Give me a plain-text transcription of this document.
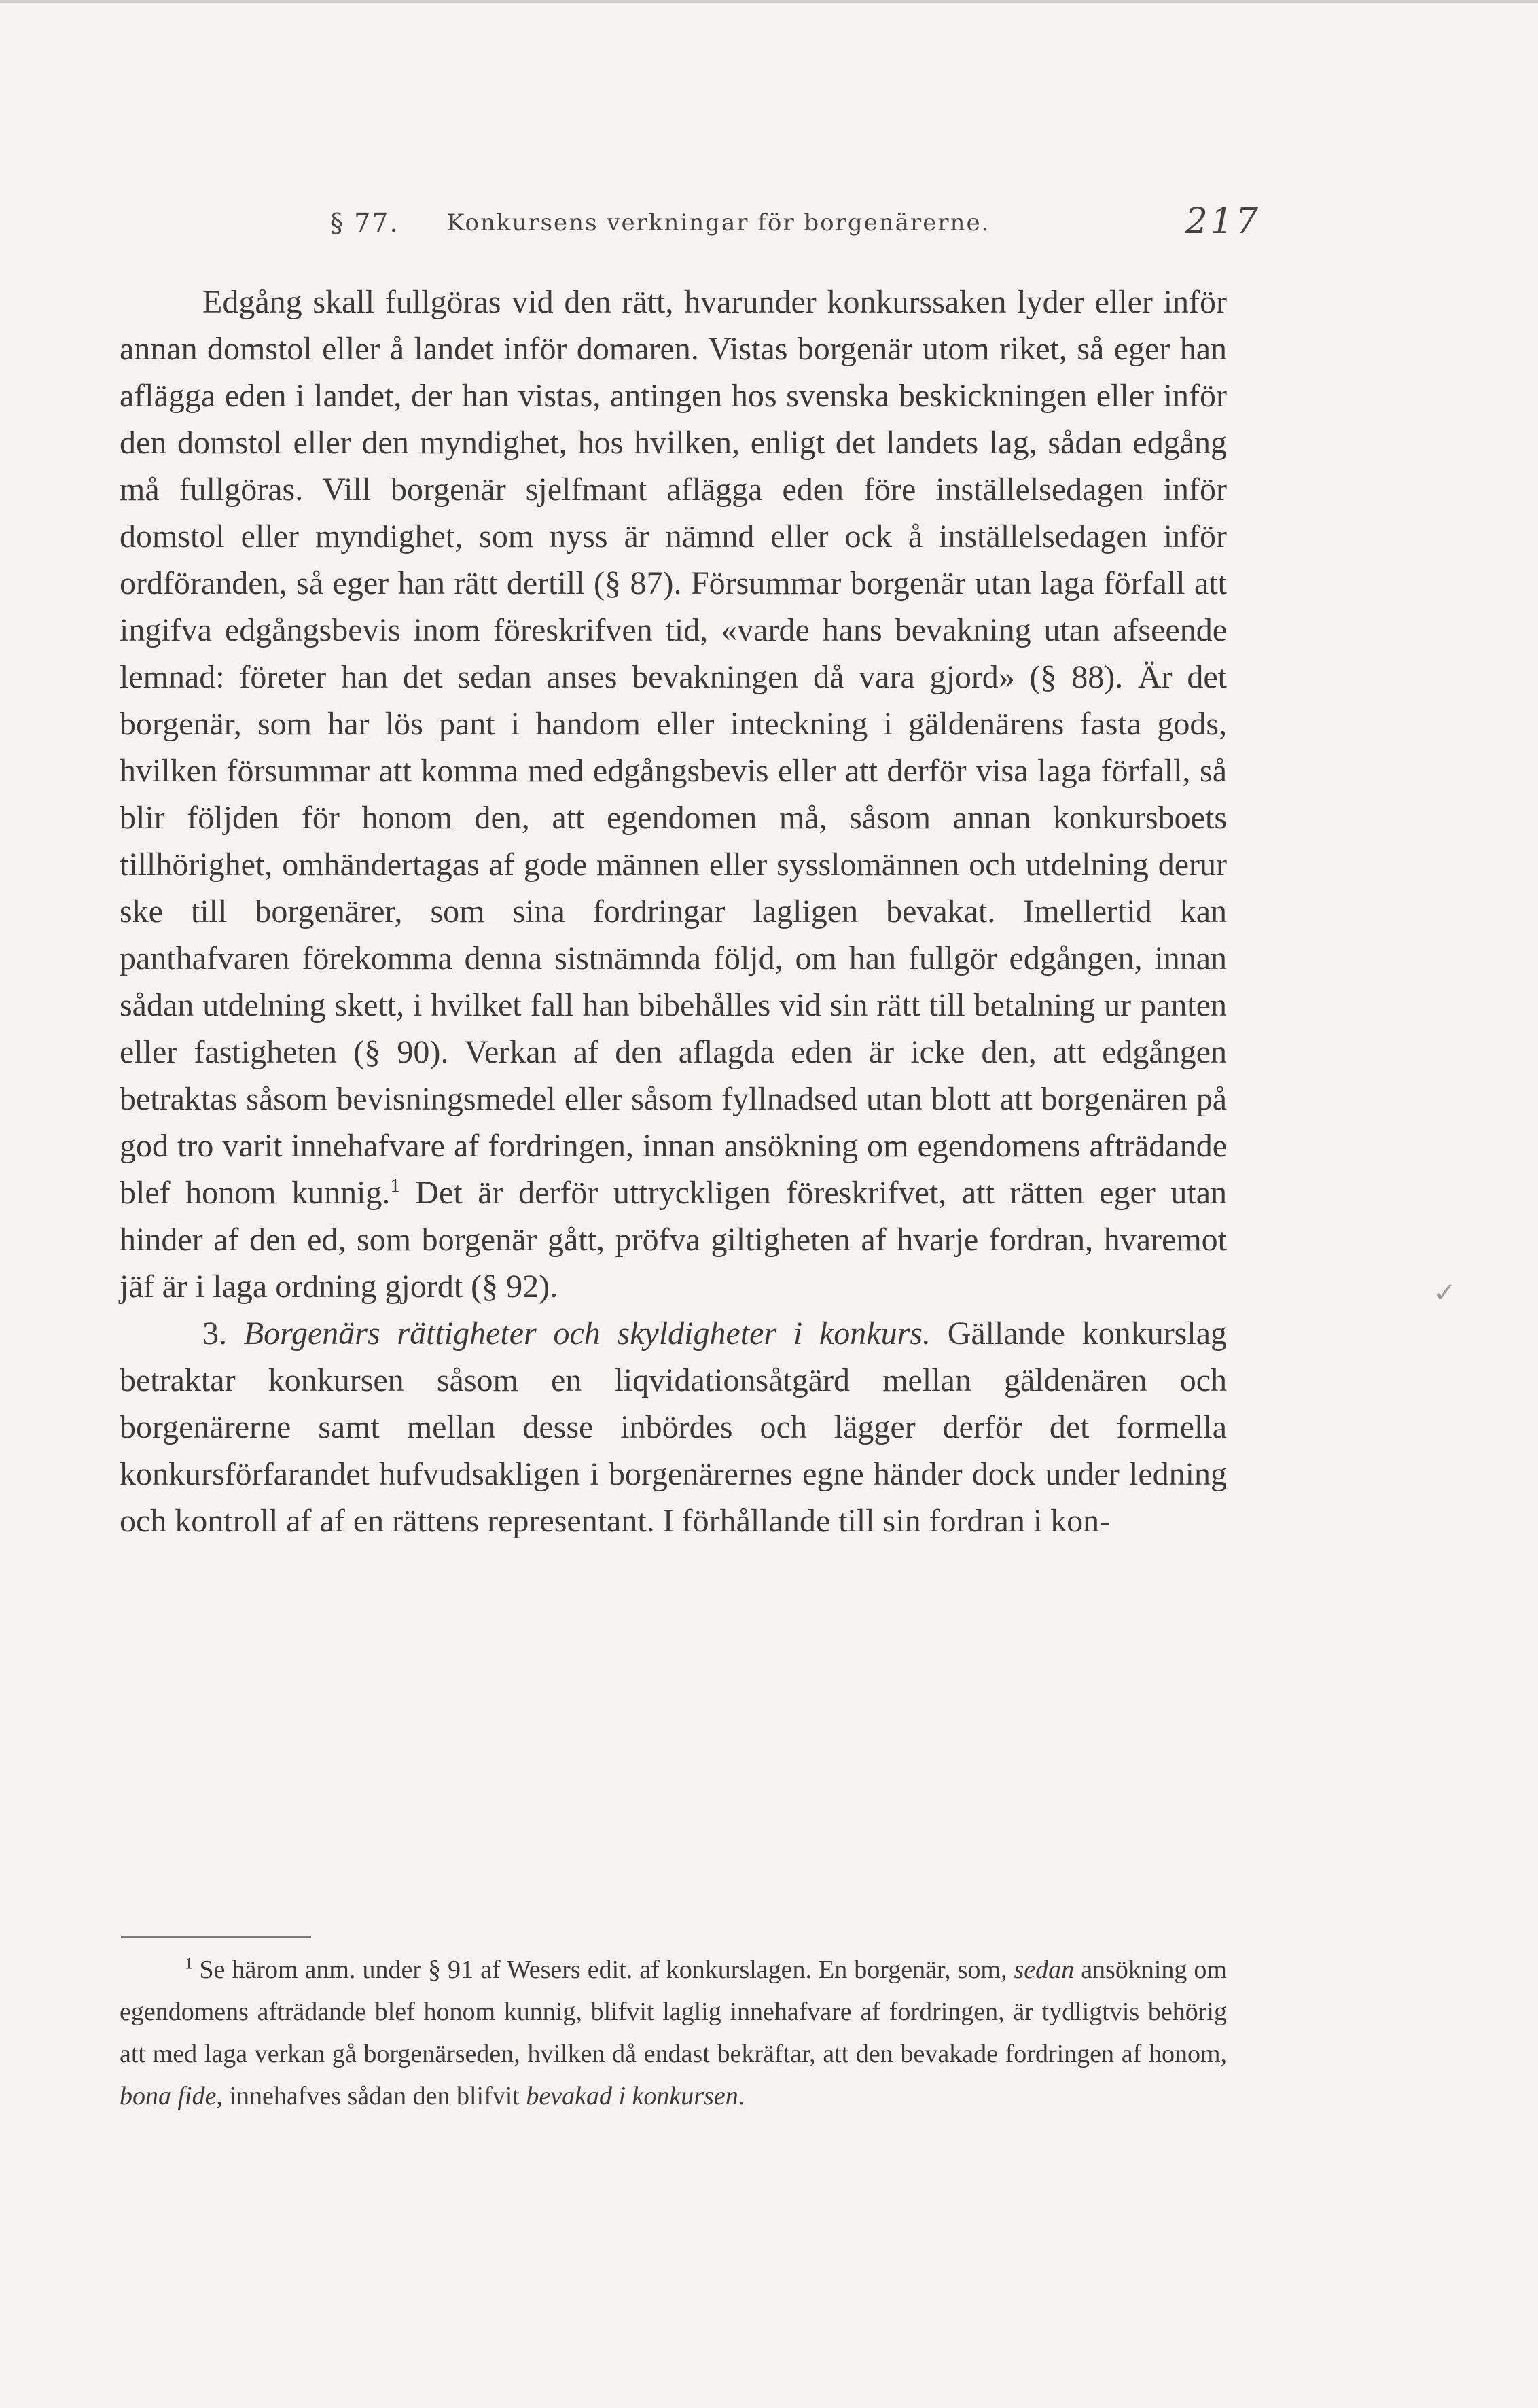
§ 77. Konkursens verkningar för borgenärerne.	217

Edgång skall fullgöras vid den rätt, hvarunder konkurssaken lyder eller inför annan domstol eller å landet inför domaren. Vistas borgenär utom riket, så eger han aflägga eden i landet, der han vistas, antingen hos svenska beskickningen eller inför den domstol eller den myndighet, hos hvilken, enligt det landets lag, sådan edgång må fullgöras. Vill borgenär sjelfmant aflägga eden före inställelsedagen inför domstol eller myndighet, som nyss är nämnd eller ock å inställelsedagen inför ordföranden, så eger han rätt dertill (§ 87). Försummar borgenär utan laga förfall att ingifva edgångsbevis inom föreskrifven tid, «varde hans bevakning utan afseende lemnad: företer han det sedan anses bevakningen då vara gjord» (§ 88). Är det borgenär, som har lös pant i handom eller inteckning i gäldenärens fasta gods, hvilken försummar att komma med edgångsbevis eller att derför visa laga förfall, så blir följden för honom den, att egendomen må, såsom annan konkursboets tillhörighet, omhändertagas af gode männen eller sysslomännen och utdelning derur ske till borgenärer, som sina fordringar lagligen bevakat. Imellertid kan panthafvaren förekomma denna sistnämnda följd, om han fullgör edgången, innan sådan utdelning skett, i hvilket fall han bibehålles vid sin rätt till betalning ur panten eller fastigheten (§ 90). Verkan af den aflagda eden är icke den, att edgången betraktas såsom bevisningsmedel eller såsom fyllnadsed utan blott att borgenären på god tro varit innehafvare af fordringen, innan ansökning om egendomens afträdande blef honom kunnig.$^1$ Det är derför uttryckligen föreskrifvet, att rätten eger utan hinder af den ed, som borgenär gått, pröfva giltigheten af hvarje fordran, hvaremot jäf är i laga ordning gjordt (§ 92).

3. Borgenärs rättigheter och skyldigheter i konkurs. Gällande konkurslag betraktar konkursen såsom en liqvidationsåtgärd mellan gäldenären och borgenärerne samt mellan desse inbördes och lägger derför det formella konkursförfarandet hufvudsakligen i borgenärernes egne händer dock under ledning och kontroll af af en rättens representant. I förhållande till sin fordran i kon-

$^1$ Se härom anm. under § 91 af Wesers edit. af konkurslagen. En borgenär, som, sedan ansökning om egendomens afträdande blef honom kunnig, blifvit laglig innehafvare af fordringen, är tydligtvis behörig att med laga verkan gå borgenärseden, hvilken då endast bekräftar, att den bevakade fordringen af honom, bona fide, innehafves sådan den blifvit bevakad i konkursen.
✓
